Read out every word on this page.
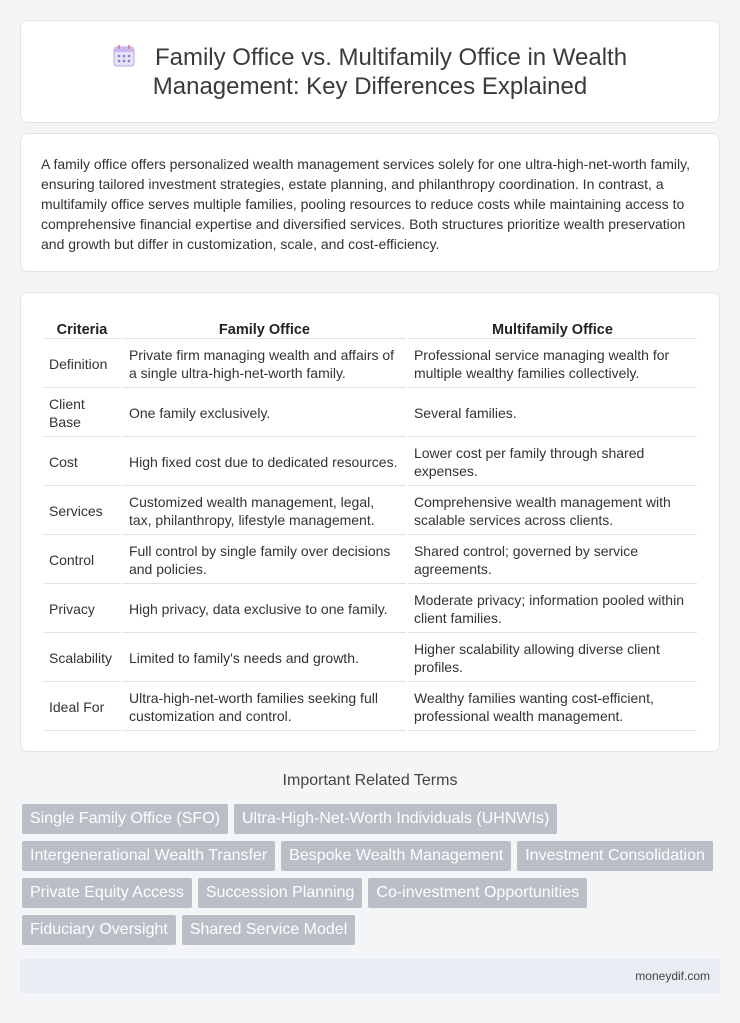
Family Office vs. Multifamily Office in Wealth
Management: Key Differences Explained

A family office offers personalized wealth management services solely for one ultra-high-net-worth family, ensuring tailored investment strategies, estate planning, and philanthropy coordination. In contrast, a multifamily office serves multiple families, pooling resources to reduce costs while maintaining access to comprehensive financial expertise and diversified services. Both structures prioritize wealth preservation and growth but differ in customization, scale, and cost-efficiency.

Criteria	Family Office	Multifamily Office
Definition	Private firm managing wealth and affairs of a single ultra-high-net-worth family.	Professional service managing wealth for multiple wealthy families collectively.
Client Base	One family exclusively.	Several families.
Cost	High fixed cost due to dedicated resources.	Lower cost per family through shared expenses.
Services	Customized wealth management, legal, tax, philanthropy, lifestyle management.	Comprehensive wealth management with scalable services across clients.
Control	Full control by single family over decisions and policies.	Shared control; governed by service agreements.
Privacy	High privacy, data exclusive to one family.	Moderate privacy; information pooled within client families.
Scalability	Limited to family's needs and growth.	Higher scalability allowing diverse client profiles.
Ideal For	Ultra-high-net-worth families seeking full customization and control.	Wealthy families wanting cost-efficient, professional wealth management.
Important Related Terms
Single Family Office (SFO)	Ultra-High-Net-Worth Individuals (UHNWIs)
Intergenerational Wealth Transfer	Bespoke Wealth Management	Investment Consolidation
Private Equity Access	Succession Planning	Co-investment Opportunities
Fiduciary Oversight	Shared Service Model
moneydif.com
